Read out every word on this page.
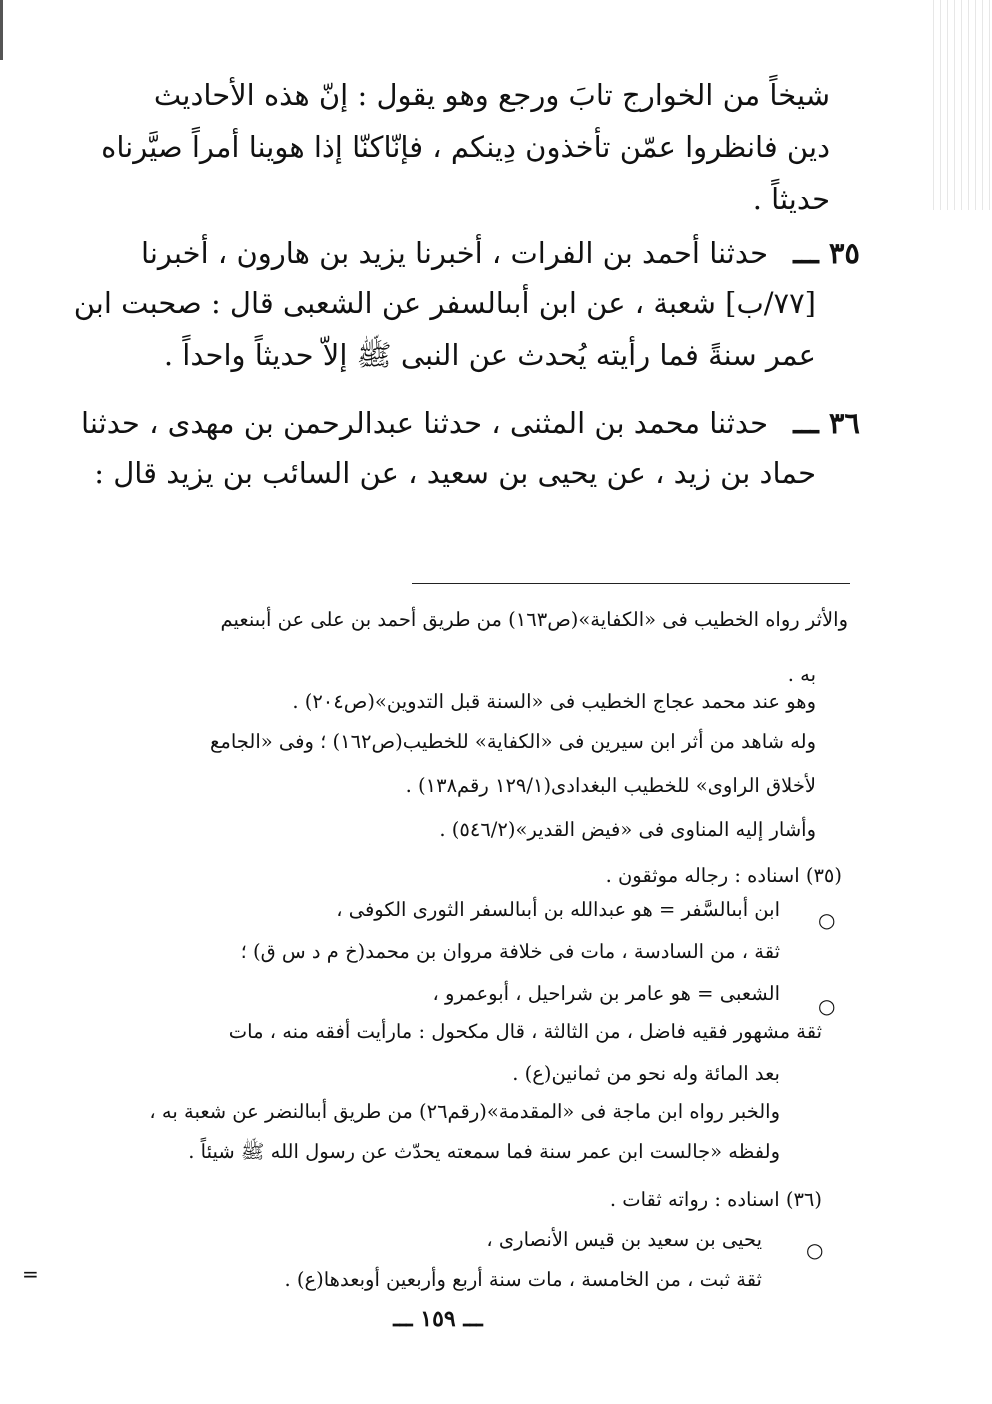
شيخاً من الخوارج تابَ ورجع وهو يقول : إنّ هذه الأحاديث
دين فانظروا عمّن تأخذون دِينكم ، فإنّاكنّا إذا هوينا أمراً صيَّرناه
حديثاً .
٣٥ ـــ
حدثنا أحمد بن الفرات ، أخبرنا يزيد بن هارون ، أخبرنا
[٧٧/ب] شعبة ، عن ابن أبىالسفر عن الشعبى قال : صحبت ابن
عمر سنةً فما رأيته يُحدث عن النبى ﷺ إلاّ حديثاً واحداً .
٣٦ ـــ
حدثنا محمد بن المثنى ، حدثنا عبدالرحمن بن مهدى ، حدثنا
حماد بن زيد ، عن يحيى بن سعيد ، عن السائب بن يزيد قال :
والأثر رواه الخطيب فى «الكفاية»(ص١٦٣) من طريق أحمد بن على عن أبىنعيم
به .
وهو عند محمد عجاج الخطيب فى «السنة قبل التدوين»(ص٢٠٤) .
وله شاهد من أثر ابن سيرين فى «الكفاية» للخطيب(ص١٦٢) ؛ وفى «الجامع
لأخلاق الراوى» للخطيب البغدادى(١٢٩/١ رقم١٣٨) .
وأشار إليه المناوى فى «فيض القدير»(٥٤٦/٢) .
(٣٥) اسناده : رجاله موثقون .
○
ابن أبىالسَّفر = هو عبدالله بن أبىالسفر الثورى الكوفى ،
ثقة ، من السادسة ، مات فى خلافة مروان بن محمد(خ م د س ق) ؛
○
الشعبى = هو عامر بن شراحيل ، أبوعمرو ،
ثقة مشهور فقيه فاضل ، من الثالثة ، قال مكحول : مارأيت أفقه منه ، مات
بعد المائة وله نحو من ثمانين(ع) .
والخبر رواه ابن ماجة فى «المقدمة»(رقم٢٦) من طريق أبىالنضر عن شعبة به ،
ولفظه «جالست ابن عمر سنة فما سمعته يحدّث عن رسول الله ﷺ شيئاً .
(٣٦) اسناده : رواته ثقات .
○
يحيى بن سعيد بن قيس الأنصارى ،
ثقة ثبت ، من الخامسة ، مات سنة أربع وأربعين أوبعدها(ع) .
=
ـــ ١٥٩ ـــ
